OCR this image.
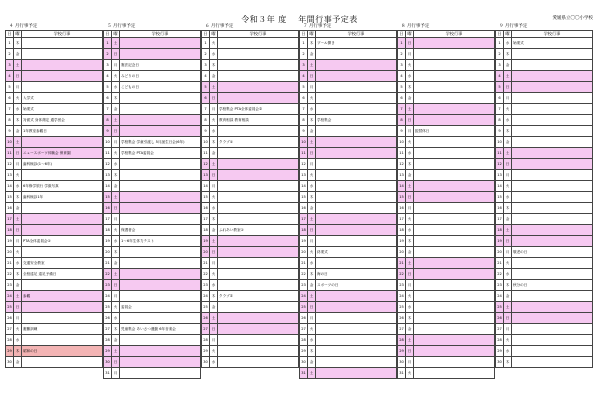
令和３年 度　 年間行事予定表	愛媛県立〇〇小学校
４ 月行事予定
日	曜	学校行事
1	木	
2	金	
3	土	
4	日	
5	月	
6	火	入学式
7	水	始業式
8	木	対面式 身体測定 通学団会
9	金	1年教室参観日
10	土	
11	日	ニュースポーツ体験会 保育園
12	月	歯科検診(1～6年)
13	火	
14	水	6年修学旅行 学級写真
15	木	歯科検診1年
16	金	
17	土	
18	日	
19	月	PTA全体委員会①
20	火	
21	水	交通安全教室
22	木	全校遠足 遠足予備日
23	金	
24	土	参観
25	日	
26	月	
27	火	避難訓練
28	水	
29	木	昭和の日
30	金	
５ 月行事予定
日	曜	学校行事
1	土	
2	日	
3	月	憲法記念日
4	火	みどりの日
5	水	こどもの日
6	木	
7	金	
8	土	
9	日	
10	月	学校集会 学童引渡し 5月誕生日会(6年)
11	火	学校集会 PTA委員会
12	水	
13	木	
14	金	
15	土	
16	日	
17	月	
18	火	保護者会
19	水	1～6年生体力テスト
20	木	
21	金	
22	土	
23	日	
24	月	
25	火	委員会
26	水	
27	木	児童集会 あいさつ運動 6年音楽会
28	金	
29	土	
30	日	
31	月	
６ 月行事予定
日	曜	学校行事
1	火	
2	水	
3	木	
4	金	
5	土	
6	日	
7	月	学校集会 PTA全体委員会②
8	火	教育相談 教育相談
9	水	
10	木	クラブ①
11	金	
12	土	
13	日	
14	月	
15	火	
16	水	
17	木	
18	金	ふれあい教室①
19	土	
20	日	
21	月	
22	火	
23	水	
24	木	クラブ②
25	金	
26	土	
27	日	
28	月	
29	火	
30	水	
７ 月行事予定
日	曜	学校行事
1	木	プール開き
2	金	
3	土	
4	日	
5	月	
6	火	
7	水	
8	木	学校集会
9	金	
10	土	
11	日	
12	月	
13	火	
14	水	
15	木	
16	金	
17	土	
18	日	
19	月	
20	火	終業式
21	水	
22	木	海の日
23	金	スポーツの日
24	土	
25	日	
26	月	
27	火	
28	水	
29	木	
30	金	
31	土	
８ 月行事予定
日	曜	学校行事
1	日	
2	月	
3	火	
4	水	
5	木	
6	金	
7	土	
8	日	
9	月	振替休日
10	火	
11	水	
12	木	
13	金	
14	土	
15	日	
16	月	
17	火	
18	水	
19	木	
20	金	
21	土	
22	日	
23	月	
24	火	
25	水	
26	木	
27	金	
28	土	
29	日	
30	月	
31	火	
９ 月行事予定
日	曜	学校行事
1	水	始業式
2	木	
3	金	
4	土	
5	日	
6	月	
7	火	
8	水	
9	木	
10	金	
11	土	
12	日	
13	月	
14	火	
15	水	
16	木	
17	金	
18	土	
19	日	
20	月	敬老の日
21	火	
22	水	
23	木	秋分の日
24	金	
25	土	
26	日	
27	月	
28	火	
29	水	
30	木	
